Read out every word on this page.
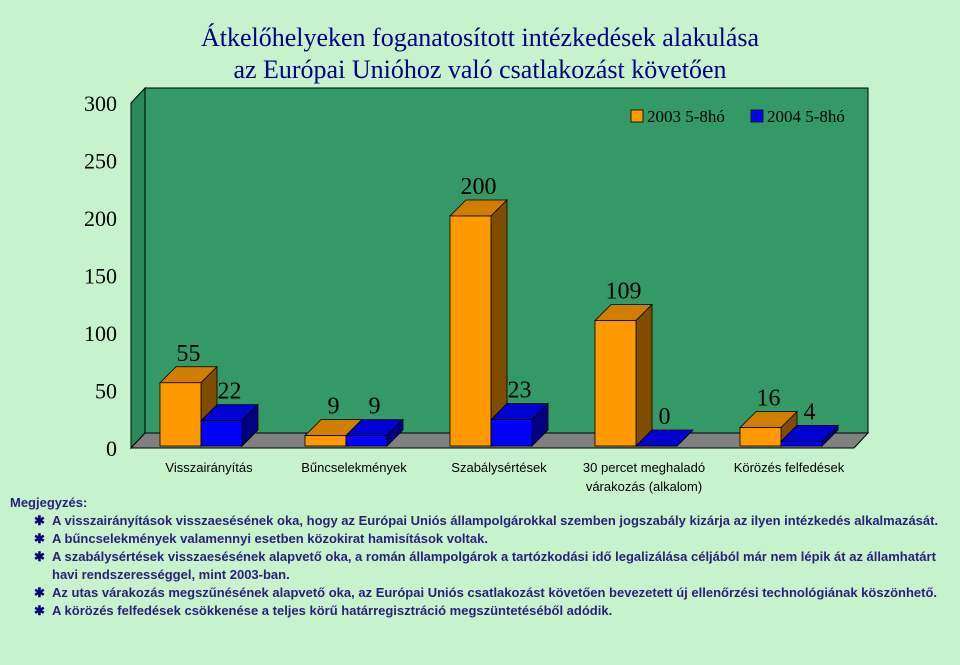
Átkelőhelyeken foganatosított intézkedések alakulása
az Európai Unióhoz való csatlakozást követően
0
50
100
150
200
250
300
55
22
9 9
200
23
109
0
16
4
Visszairányítás	Bűncselekmények	Szabálysértések	30 percet meghaladó
várakozás (alkalom)
Körözés felfedések
2003 5-8hó 2004 5-8hó
Megjegyzés:
✱ A visszairányítások visszaesésének oka, hogy az Európai Uniós állampolgárokkal szemben jogszabály kizárja az ilyen intézkedés alkalmazását.
✱ A bűncselekmények valamennyi esetben közokirat hamisítások voltak.
✱ A szabálysértések visszaesésének alapvető oka, a román állampolgárok a tartózkodási idő legalizálása céljából már nem lépik át az államhatárt havi rendszerességgel, mint 2003-ban.
✱ Az utas várakozás megszűnésének alapvető oka, az Európai Uniós csatlakozást követően bevezetett új ellenőrzési technológiának köszönhető.
✱ A körözés felfedések csökkenése a teljes körű határregisztráció megszüntetéséből adódik.
